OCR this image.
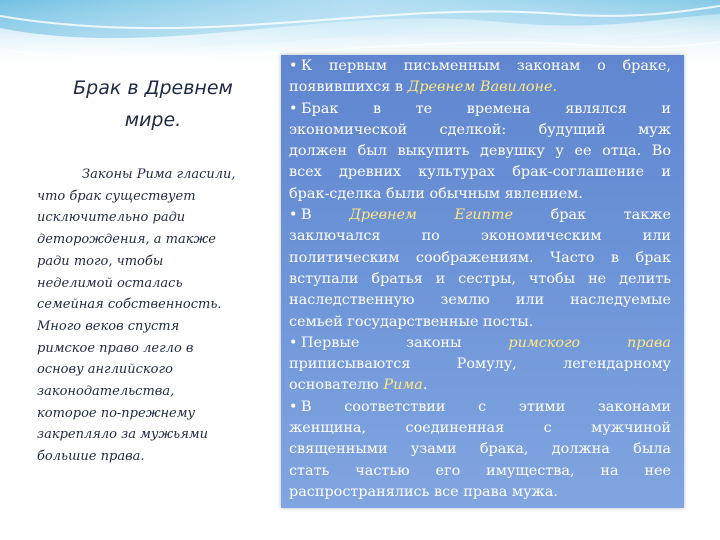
Брак в Древнем
мире.
Законы Рима гласили,
что брак существует
исключительно ради
деторождения, а также
ради того, чтобы
неделимой осталась
семейная собственность.
Много веков спустя
римское право легло в
основу английского
законодательства,
которое по-прежнему
закрепляло за мужьями
большие права.
• К первым письменным законам о браке,
появившихся в Древнем Вавилоне.
• Брак в те времена являлся и
экономической сделкой: будущий муж
должен был выкупить девушку у ее отца. Во
всех древних культурах брак-соглашение и
брак-сделка были обычным явлением.
• В Древнем Египте брак также
заключался по экономическим или
политическим соображениям. Часто в брак
вступали братья и сестры, чтобы не делить
наследственную землю или наследуемые
семьей государственные посты.
• Первые законы римского права
приписываются Ромулу, легендарному
основателю Рима.
• В соответствии с этими законами
женщина, соединенная с мужчиной
священными узами брака, должна была
стать частью его имущества, на нее
распространялись все права мужа.
